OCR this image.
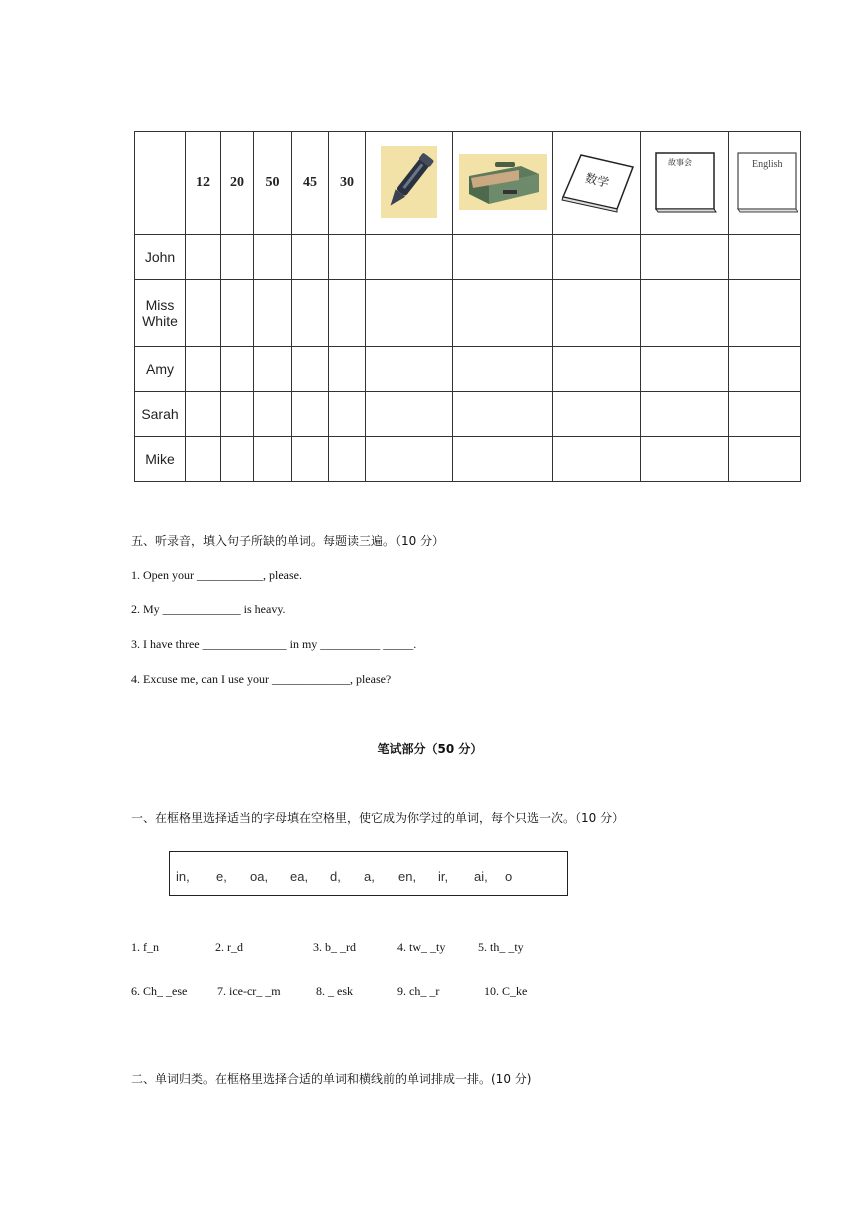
	12	20	50	45	30			数学	故事会	English

John										
Miss White										
Amy										
Sarah										
Mike										
五、听录音，填入句子所缺的单词。每题读三遍。（10 分）
1. Open your ___________, please.
2. My _____________ is heavy.
3. I have three ______________ in my __________ _____.
4. Excuse me, can I use your _____________, please?
笔试部分（50 分）
一、在框格里选择适当的字母填在空格里，使它成为你学过的单词，每个只选一次。（10 分）
in, e, oa, ea, d, a, en, ir, ai, o
1. f_n	2. r_d	3. b_ _rd	4. tw_ _ty	5. th_ _ty
6. Ch_ _ese 7. ice-cr_ _m	8. _ esk	9. ch_ _r	10. C_ke
二、单词归类。在框格里选择合适的单词和横线前的单词排成一排。(10 分)
